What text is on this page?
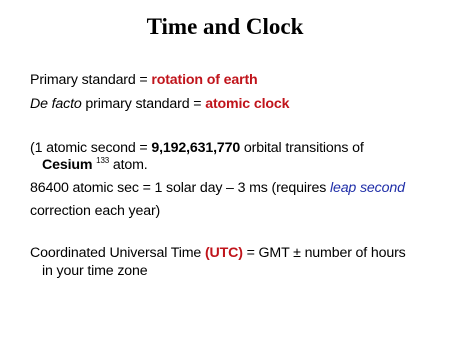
Time and Clock
Primary standard = rotation of earth
De facto primary standard = atomic clock
(1 atomic second = 9,192,631,770 orbital transitions of
Cesium $^{133}$ atom.
86400 atomic sec = 1 solar day – 3 ms (requires leap second
correction each year)
Coordinated Universal Time (UTC) = GMT ± number of hours
in your time zone
